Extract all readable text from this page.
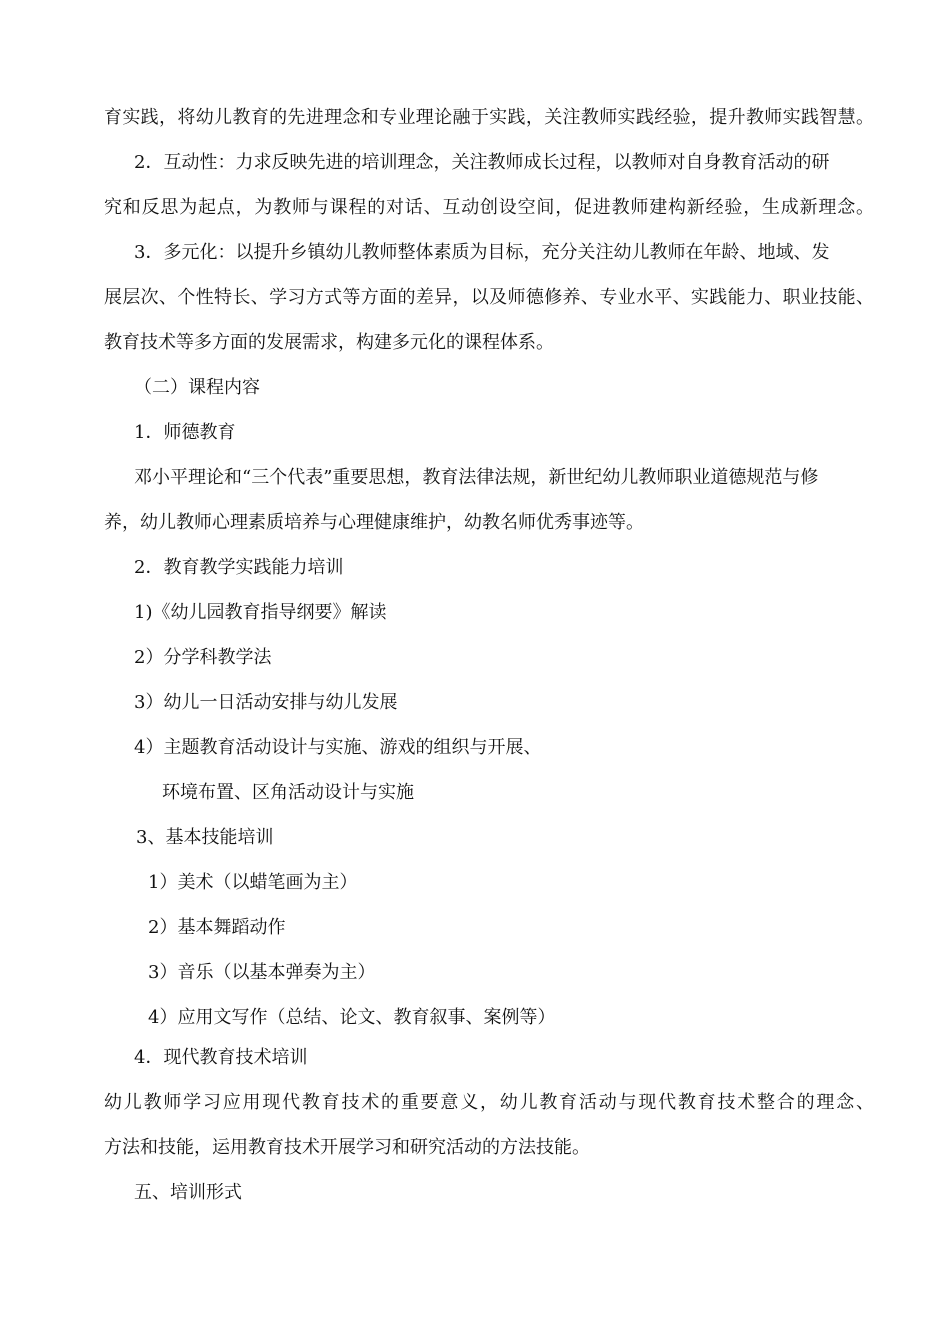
育实践，将幼儿教育的先进理念和专业理论融于实践，关注教师实践经验，提升教师实践智慧。
2．互动性：力求反映先进的培训理念，关注教师成长过程，以教师对自身教育活动的研
究和反思为起点，为教师与课程的对话、互动创设空间，促进教师建构新经验，生成新理念。
3．多元化：以提升乡镇幼儿教师整体素质为目标，充分关注幼儿教师在年龄、地域、发
展层次、个性特长、学习方式等方面的差异，以及师德修养、专业水平、实践能力、职业技能、
教育技术等多方面的发展需求，构建多元化的课程体系。
（二）课程内容
1．师德教育
邓小平理论和“三个代表”重要思想，教育法律法规，新世纪幼儿教师职业道德规范与修
养，幼儿教师心理素质培养与心理健康维护，幼教名师优秀事迹等。
2．教育教学实践能力培训
1)《幼儿园教育指导纲要》解读
2）分学科教学法
3）幼儿一日活动安排与幼儿发展
4）主题教育活动设计与实施、游戏的组织与开展、
环境布置、区角活动设计与实施
3、基本技能培训
1）美术（以蜡笔画为主）
2）基本舞蹈动作
3）音乐（以基本弹奏为主）
4）应用文写作（总结、论文、教育叙事、案例等）
4．现代教育技术培训
幼儿教师学习应用现代教育技术的重要意义，幼儿教育活动与现代教育技术整合的理念、
方法和技能，运用教育技术开展学习和研究活动的方法技能。
五、培训形式
